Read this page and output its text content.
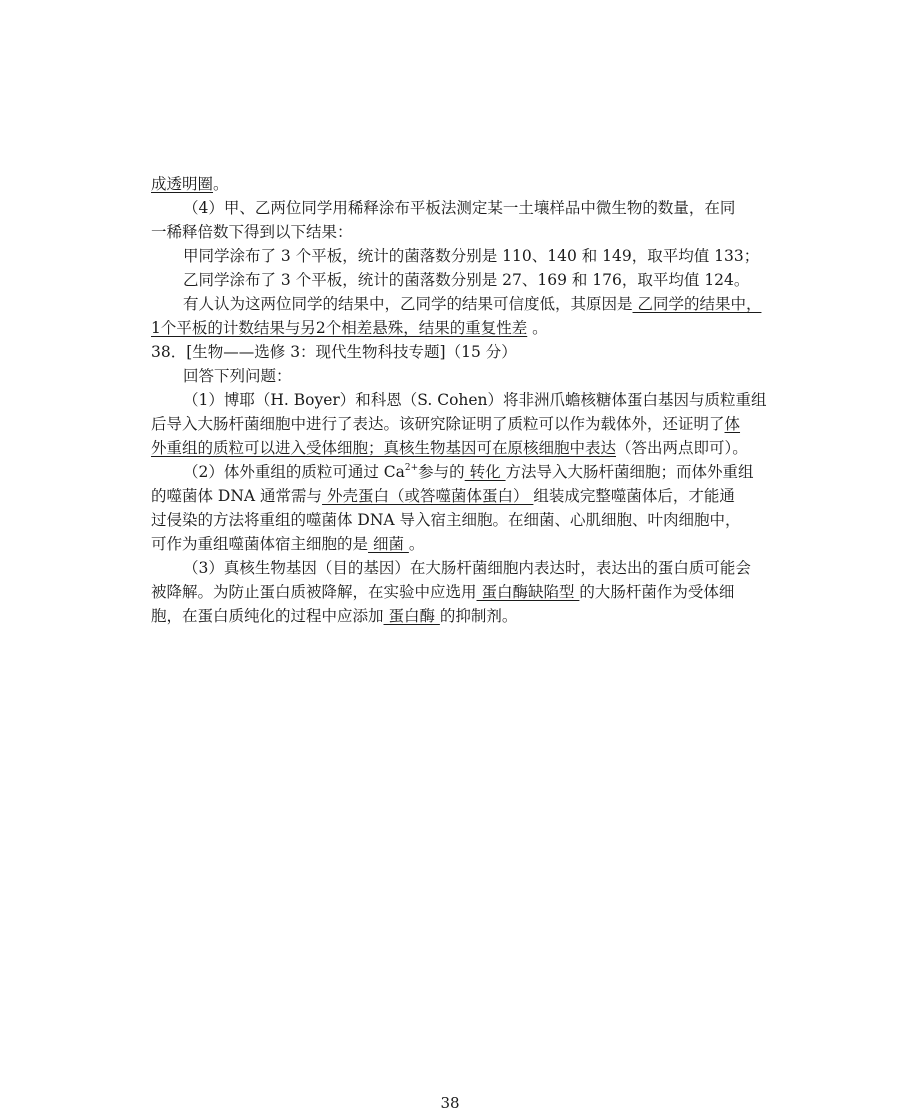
成透明圈。
（4）甲、乙两位同学用稀释涂布平板法测定某一土壤样品中微生物的数量，在同
一稀释倍数下得到以下结果：
甲同学涂布了 3 个平板，统计的菌落数分别是 110、140 和 149，取平均值 133；
乙同学涂布了 3 个平板，统计的菌落数分别是 27、169 和 176，取平均值 124。
有人认为这两位同学的结果中，乙同学的结果可信度低，其原因是 乙同学的结果中，
1个平板的计数结果与另2个相差悬殊，结果的重复性差 。
38．[生物——选修 3：现代生物科技专题]（15 分）
回答下列问题：
（1）博耶（H. Boyer）和科恩（S. Cohen）将非洲爪蟾核糖体蛋白基因与质粒重组
后导入大肠杆菌细胞中进行了表达。该研究除证明了质粒可以作为载体外，还证明了体
外重组的质粒可以进入受体细胞；真核生物基因可在原核细胞中表达（答出两点即可）。
（2）体外重组的质粒可通过 $Ca^{2+}$参与的 转化 方法导入大肠杆菌细胞；而体外重组
的噬菌体 DNA 通常需与 外壳蛋白（或答噬菌体蛋白） 组装成完整噬菌体后，才能通
过侵染的方法将重组的噬菌体 DNA 导入宿主细胞。在细菌、心肌细胞、叶肉细胞中，
可作为重组噬菌体宿主细胞的是 细菌 。
（3）真核生物基因（目的基因）在大肠杆菌细胞内表达时，表达出的蛋白质可能会
被降解。为防止蛋白质被降解，在实验中应选用 蛋白酶缺陷型 的大肠杆菌作为受体细
胞，在蛋白质纯化的过程中应添加 蛋白酶 的抑制剂。
38
